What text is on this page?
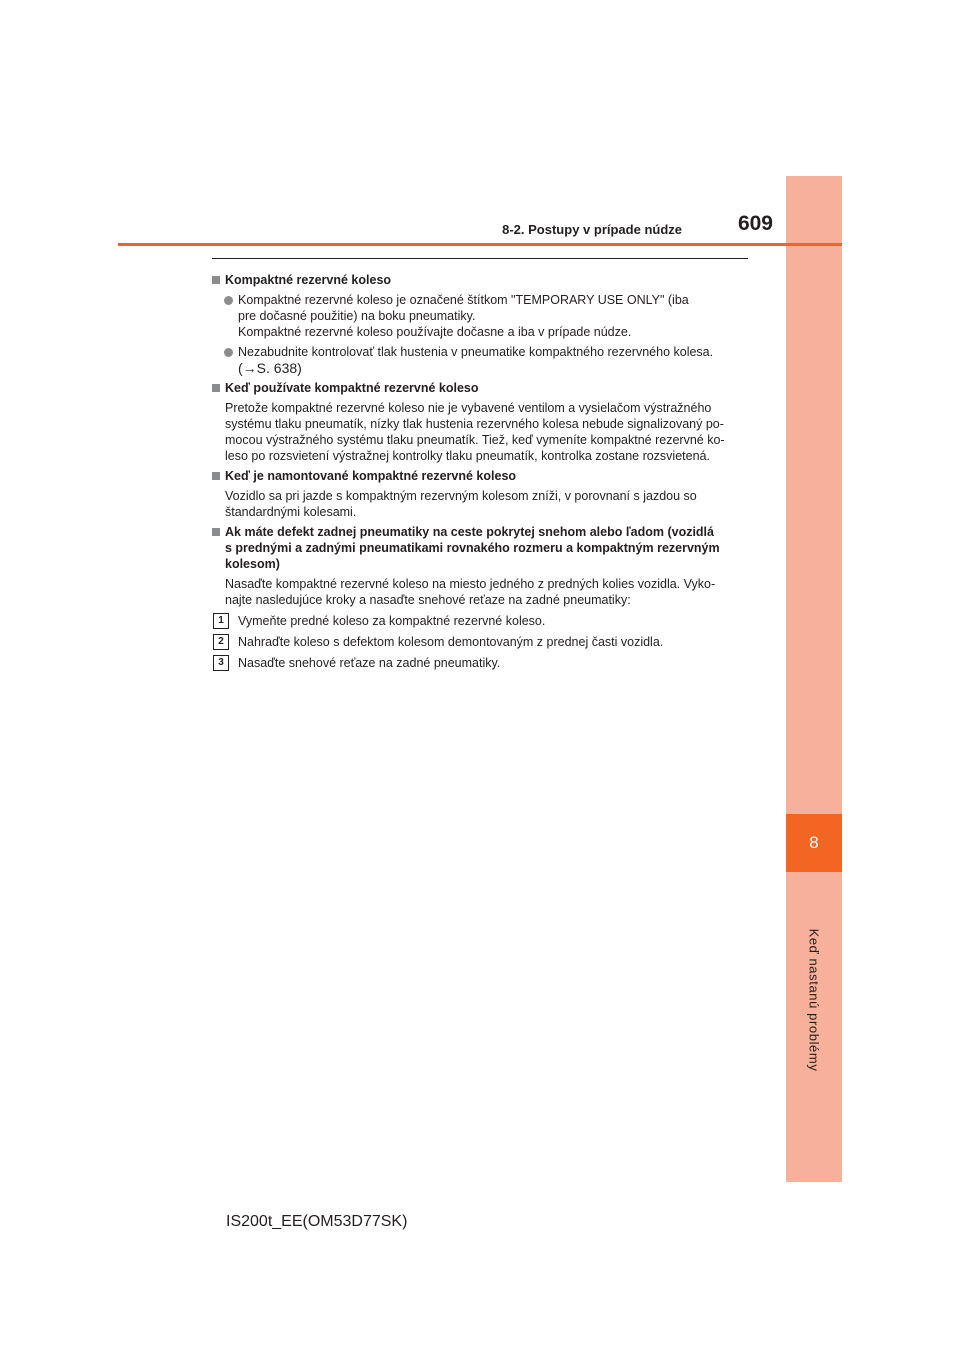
8
Keď nastanú problémy
8-2. Postupy v prípade núdze	609
Kompaktné rezervné koleso
Kompaktné rezervné koleso je označené štítkom "TEMPORARY USE ONLY" (iba
pre dočasné použitie) na boku pneumatiky.
Kompaktné rezervné koleso používajte dočasne a iba v prípade núdze.
Nezabudnite kontrolovať tlak hustenia v pneumatike kompaktného rezervného kolesa.
(→S. 638)
Keď používate kompaktné rezervné koleso
Pretože kompaktné rezervné koleso nie je vybavené ventilom a vysielačom výstražného
systému tlaku pneumatík, nízky tlak hustenia rezervného kolesa nebude signalizovaný po-
mocou výstražného systému tlaku pneumatík. Tiež, keď vymeníte kompaktné rezervné ko-
leso po rozsvietení výstražnej kontrolky tlaku pneumatík, kontrolka zostane rozsvietená.
Keď je namontované kompaktné rezervné koleso
Vozidlo sa pri jazde s kompaktným rezervným kolesom zníži, v porovnaní s jazdou so
štandardnými kolesami.
Ak máte defekt zadnej pneumatiky na ceste pokrytej snehom alebo ľadom (vozidlá
s prednými a zadnými pneumatikami rovnakého rozmeru a kompaktným rezervným
kolesom)
Nasaďte kompaktné rezervné koleso na miesto jedného z predných kolies vozidla. Vyko-
najte nasledujúce kroky a nasaďte snehové reťaze na zadné pneumatiky:
1	Vymeňte predné koleso za kompaktné rezervné koleso.
2	Nahraďte koleso s defektom kolesom demontovaným z prednej časti vozidla.
3	Nasaďte snehové reťaze na zadné pneumatiky.
IS200t_EE(OM53D77SK)
